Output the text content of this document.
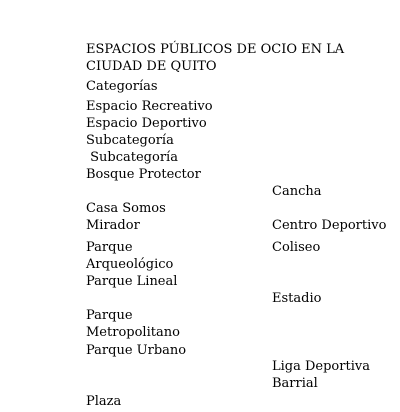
ESPACIOS PÚBLICOS DE OCIO EN LA
CIUDAD DE QUITO
Categorías
Espacio Recreativo
Espacio Deportivo
Subcategoría
Subcategoría
Bosque Protector
Casa Somos
Mirador
Parque
Arqueológico
Parque Lineal
Parque
Metropolitano
Parque Urbano
Plaza
Cancha
Centro Deportivo
Coliseo
Estadio
Liga Deportiva
Barrial
